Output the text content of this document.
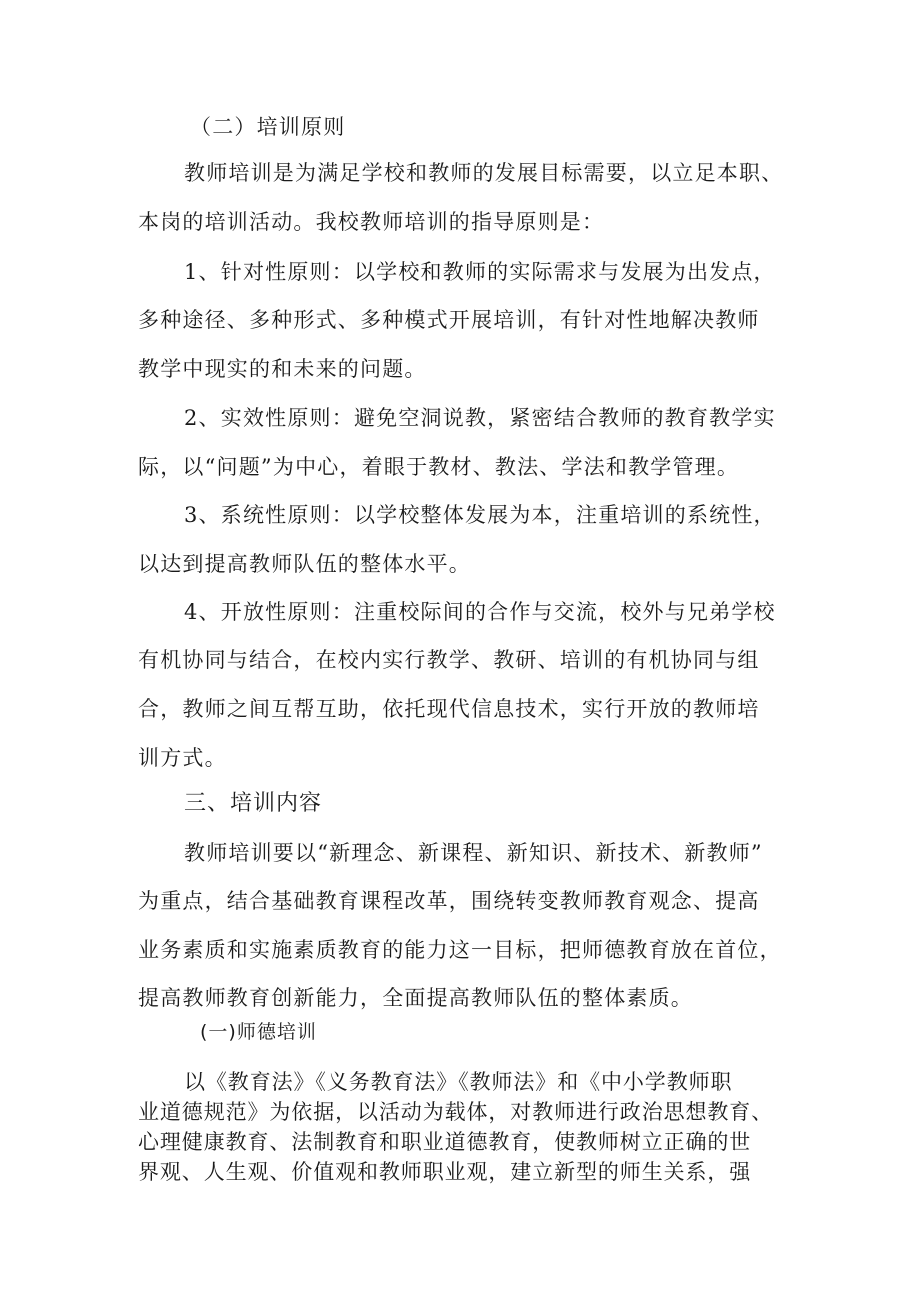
（二）培训原则
教师培训是为满足学校和教师的发展目标需要，以立足本职、
本岗的培训活动。我校教师培训的指导原则是：
1、针对性原则：以学校和教师的实际需求与发展为出发点，
多种途径、多种形式、多种模式开展培训，有针对性地解决教师
教学中现实的和未来的问题。
2、实效性原则：避免空洞说教，紧密结合教师的教育教学实
际，以“问题”为中心，着眼于教材、教法、学法和教学管理。
3、系统性原则：以学校整体发展为本，注重培训的系统性，
以达到提高教师队伍的整体水平。
4、开放性原则：注重校际间的合作与交流，校外与兄弟学校
有机协同与结合，在校内实行教学、教研、培训的有机协同与组
合，教师之间互帮互助，依托现代信息技术，实行开放的教师培
训方式。
三、培训内容
教师培训要以“新理念、新课程、新知识、新技术、新教师”
为重点，结合基础教育课程改革，围绕转变教师教育观念、提高
业务素质和实施素质教育的能力这一目标，把师德教育放在首位，
提高教师教育创新能力，全面提高教师队伍的整体素质。
(一)师德培训
以《教育法》《义务教育法》《教师法》和《中小学教师职
业道德规范》为依据，以活动为载体，对教师进行政治思想教育、
心理健康教育、法制教育和职业道德教育，使教师树立正确的世
界观、人生观、价值观和教师职业观，建立新型的师生关系，强
